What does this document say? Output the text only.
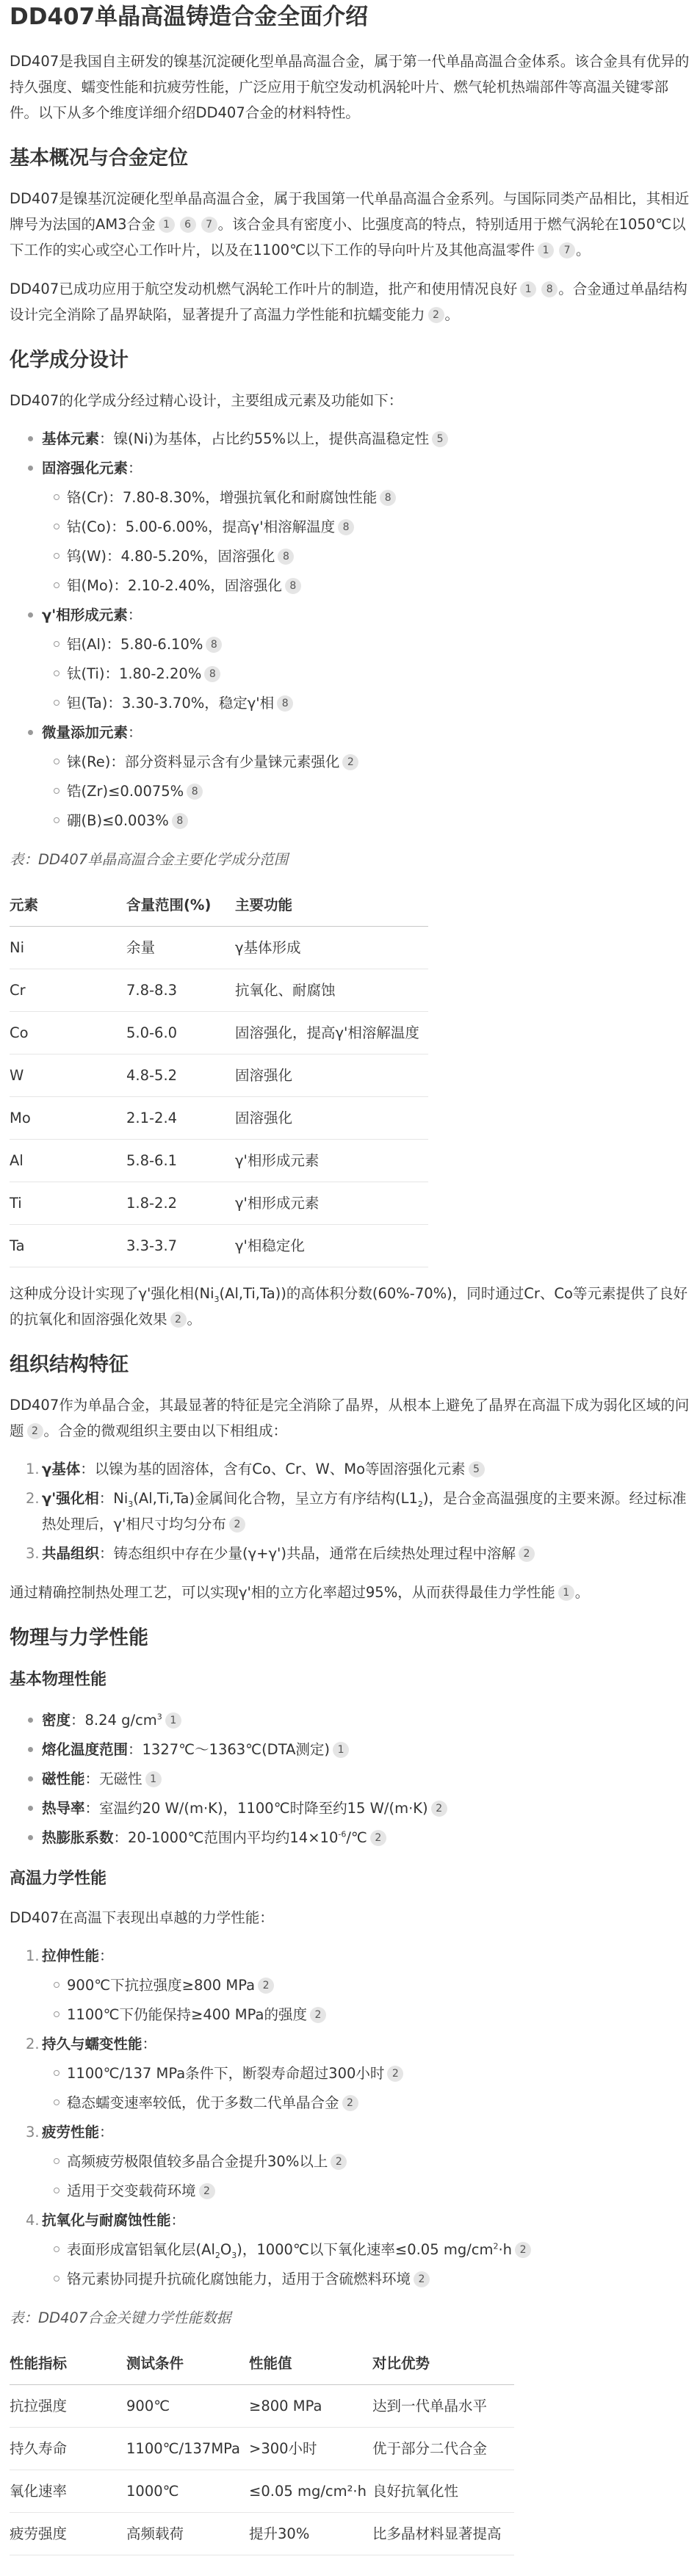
DD407单晶高温铸造合金全面介绍

DD407是我国自主研发的镍基沉淀硬化型单晶高温合金，属于第一代单晶高温合金体系。该合金具有优异的持久强度、蠕变性能和抗疲劳性能，广泛应用于航空发动机涡轮叶片、燃气轮机热端部件等高温关键零部件。以下从多个维度详细介绍DD407合金的材料特性。

基本概况与合金定位

DD407是镍基沉淀硬化型单晶高温合金，属于我国第一代单晶高温合金系列。与国际同类产品相比，其相近牌号为法国的AM3合金 1 6 7 。该合金具有密度小、比强度高的特点，特别适用于燃气涡轮在1050℃以下工作的实心或空心工作叶片，以及在1100℃以下工作的导向叶片及其他高温零件 1 7 。

DD407已成功应用于航空发动机燃气涡轮工作叶片的制造，批产和使用情况良好 1 8 。合金通过单晶结构设计完全消除了晶界缺陷，显著提升了高温力学性能和抗蠕变能力 2 。

化学成分设计

DD407的化学成分经过精心设计，主要组成元素及功能如下：

基体元素：镍(Ni)为基体，占比约55%以上，提供高温稳定性 5
固溶强化元素：
铬(Cr)：7.80-8.30%，增强抗氧化和耐腐蚀性能 8
钴(Co)：5.00-6.00%，提高γ'相溶解温度 8
钨(W)：4.80-5.20%，固溶强化 8
钼(Mo)：2.10-2.40%，固溶强化 8
γ'相形成元素：
铝(Al)：5.80-6.10% 8
钛(Ti)：1.80-2.20% 8
钽(Ta)：3.30-3.70%，稳定γ'相 8
微量添加元素：
铼(Re)：部分资料显示含有少量铼元素强化 2
锆(Zr)≤0.0075% 8
硼(B)≤0.003% 8

表：DD407单晶高温合金主要化学成分范围

元素	含量范围(%)	主要功能
Ni	余量	γ基体形成
Cr	7.8-8.3	抗氧化、耐腐蚀
Co	5.0-6.0	固溶强化，提高γ'相溶解温度
W	4.8-5.2	固溶强化
Mo	2.1-2.4	固溶强化
Al	5.8-6.1	γ'相形成元素
Ti	1.8-2.2	γ'相形成元素
Ta	3.3-3.7	γ'相稳定化

这种成分设计实现了γ'强化相$(Ni_3(Al,Ti,Ta))$的高体积分数(60%-70%)，同时通过Cr、Co等元素提供了良好的抗氧化和固溶强化效果 2 。

组织结构特征

DD407作为单晶合金，其最显著的特征是完全消除了晶界，从根本上避免了晶界在高温下成为弱化区域的问题 2 。合金的微观组织主要由以下相组成：

1. γ基体：以镍为基的固溶体，含有Co、Cr、W、Mo等固溶强化元素 5
2. γ'强化相：$Ni_3(Al,Ti,Ta)$金属间化合物，呈立方有序结构$(L1_2)$，是合金高温强度的主要来源。经过标准热处理后，γ'相尺寸均匀分布 2
3. 共晶组织：铸态组织中存在少量(γ+γ')共晶，通常在后续热处理过程中溶解 2

通过精确控制热处理工艺，可以实现γ'相的立方化率超过95%，从而获得最佳力学性能 1 。

物理与力学性能
基本物理性能
密度：8.24 $g/cm^3$ 1
熔化温度范围：1327℃～1363℃(DTA测定) 1
磁性能：无磁性 1
热导率：室温约20 W/(m·K)，1100℃时降至约15 W/(m·K) 2
热膨胀系数：20-1000℃范围内平均约$14\times 10^{-6}/℃$ 2
高温力学性能

DD407在高温下表现出卓越的力学性能：

1. 拉伸性能：
900℃下抗拉强度≥800 MPa 2
1100℃下仍能保持≥400 MPa的强度 2
2. 持久与蠕变性能：
1100℃/137 MPa条件下，断裂寿命超过300小时 2
稳态蠕变速率较低，优于多数二代单晶合金 2
3. 疲劳性能：
高频疲劳极限值较多晶合金提升30%以上 2
适用于交变载荷环境 2
4. 抗氧化与耐腐蚀性能：
表面形成富铝氧化层$(Al_2O_3)$，1000℃以下氧化速率≤0.05 $mg/cm^2\cdot h$ 2
铬元素协同提升抗硫化腐蚀能力，适用于含硫燃料环境 2

表：DD407合金关键力学性能数据

性能指标	测试条件	性能值	对比优势
抗拉强度	900℃	≥800 MPa	达到一代单晶水平
持久寿命	1100℃/137MPa	>300小时	优于部分二代合金
氧化速率	1000℃	≤0.05 mg/cm²·h	良好抗氧化性
疲劳强度	高频载荷	提升30%	比多晶材料显著提高
